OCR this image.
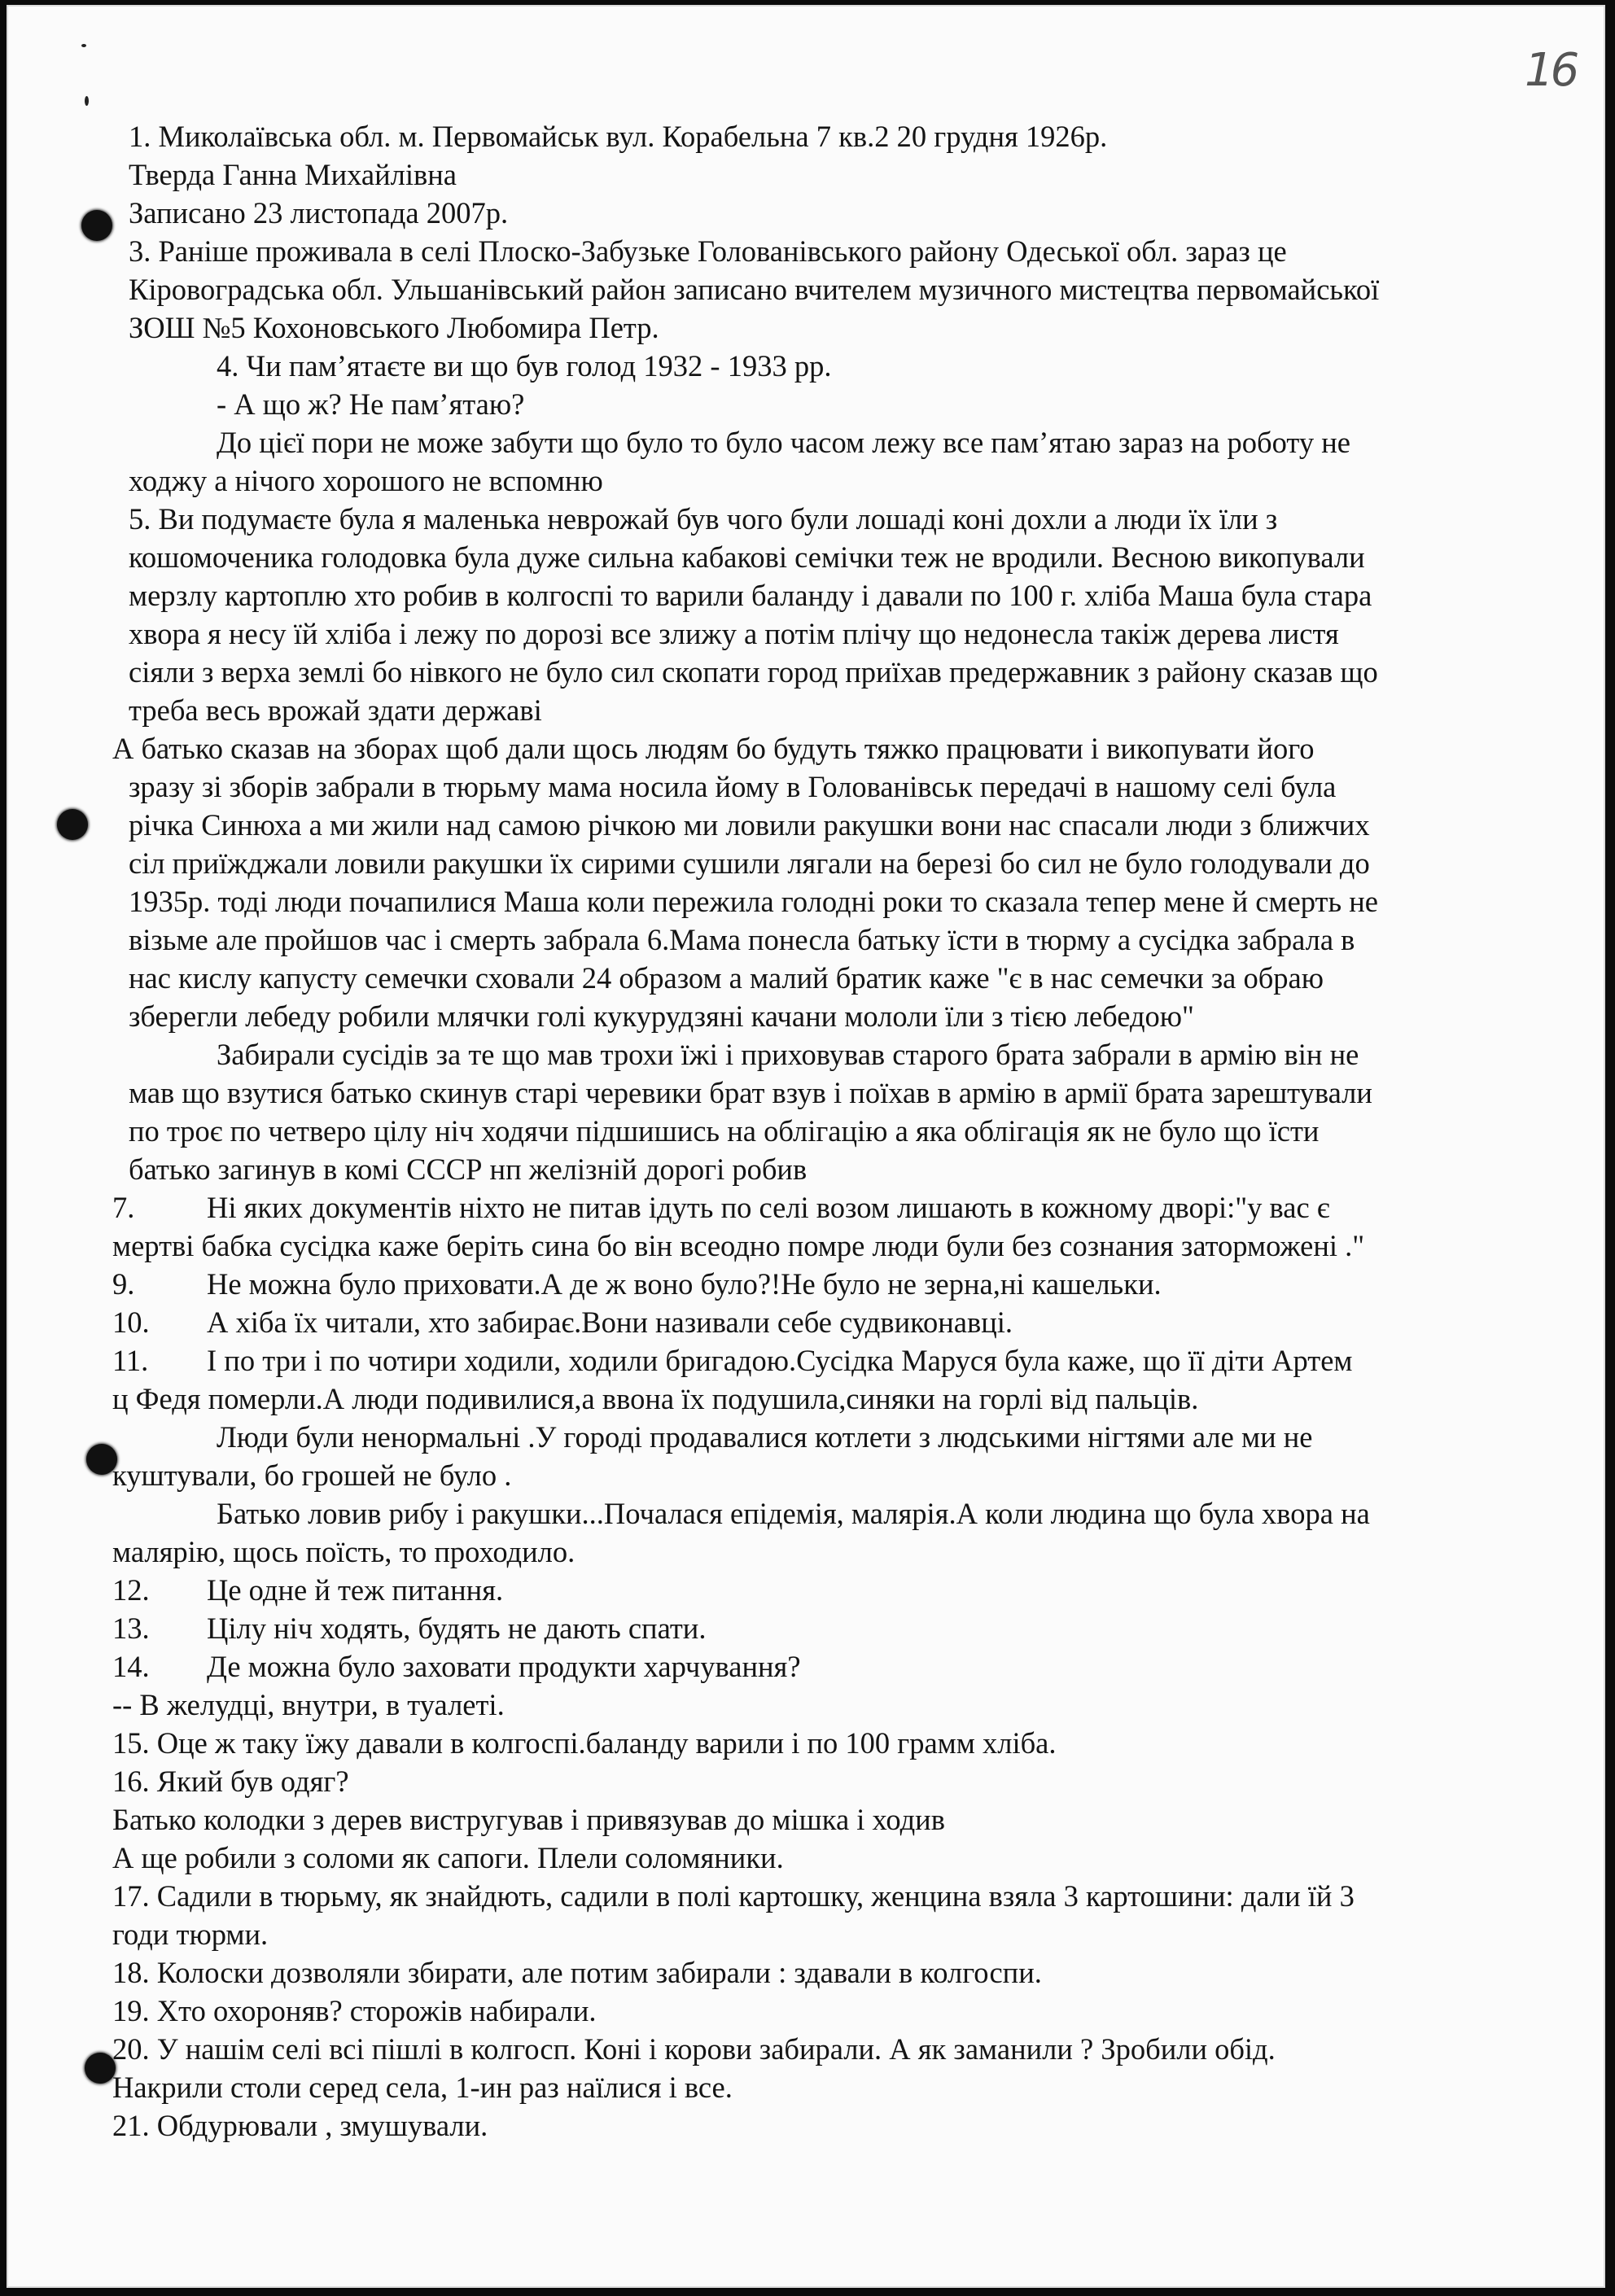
16

1. Миколаївська обл. м. Первомайськ вул. Корабельна 7 кв.2 20 грудня 1926р.

Тверда Ганна Михайлівна

Записано 23 листопада 2007р.

3. Раніше проживала в селі Плоско-Забузьке Голованівського району Одеської обл. зараз це

Кіровоградська обл. Ульшанівський район записано вчителем музичного мистецтва первомайської

ЗОШ №5 Кохоновського Любомира Петр.

4. Чи пам’ятаєте ви що був голод 1932 - 1933 рр.

- А що ж? Не пам’ятаю?

До цієї пори не може забути що було то було часом лежу все пам’ятаю зараз на роботу не

ходжу а нічого хорошого не вспомню

5. Ви подумаєте була я маленька неврожай був чого були лошаді коні дохли а люди їх їли з

кошомоченика голодовка була дуже сильна кабакові семічки теж не вродили. Весною викопували

мерзлу картоплю хто робив в колгоспі то варили баланду і давали по 100 г. хліба Маша була стара

хвора я несу їй хліба і лежу по дорозі все злижу а потім плічу що недонесла такіж дерева листя

сіяли з верха землі бо нівкого не було сил скопати город приїхав предержавник з району сказав що

треба весь врожай здати державі

А батько сказав на зборах щоб дали щось людям бо будуть тяжко працювати і викопувати його

зразу зі зборів забрали в тюрьму мама носила йому в Голованівськ передачі в нашому селі була

річка Синюха а ми жили над самою річкою ми ловили ракушки вони нас спасали люди з ближчих

сіл приїжджали ловили ракушки їх сирими сушили лягали на березі бо сил не було голодували до

1935р. тоді люди почапилися Маша коли пережила голодні роки то сказала тепер мене й смерть не

візьме але пройшов час і смерть забрала 6.Мама понесла батьку їсти в тюрму а сусідка забрала в

нас кислу капусту семечки сховали 24 образом а малий братик каже "є в нас семечки за обраю

зберегли лебеду робили млячки голі кукурудзяні качани мололи їли з тією лебедою"

Забирали сусідів за те що мав трохи їжі і приховував старого брата забрали в армію він не

мав що взутися батько скинув старі черевики брат взув і поїхав в армію в армії брата зарештували

по троє по четверо цілу ніч ходячи підшишись на облігацію а яка облігація як не було що їсти

батько загинув в комі СССР нп желізній дорогі робив

7. Ні яких документів ніхто не питав ідуть по селі возом лишають в кожному дворі:"у вас є

мертві бабка сусідка каже беріть сина бо він всеодно помре люди були без сознания заторможені ."

9. Не можна було приховати.А де ж воно було?!Не було не зерна,ні кашельки.

10. А хіба їх читали, хто забирає.Вони називали себе судвиконавці.

11. І по три і по чотири ходили, ходили бригадою.Сусідка Маруся була каже, що її діти Артем

ц Федя померли.А люди подивилися,а ввона їх подушила,синяки на горлі від пальців.

Люди були ненормальні .У городі продавалися котлети з людськими нігтями але ми не

куштували, бо грошей не було .

Батько ловив рибу і ракушки...Почалася епідемія, малярія.А коли людина що була хвора на

малярію, щось поїсть, то проходило.

12. Це одне й теж питання.

13. Цілу ніч ходять, будять не дають спати.

14. Де можна було заховати продукти харчування?

-- В желудці, внутри, в туалеті.

15. Оце ж таку їжу давали в колгоспі.баланду варили і по 100 грамм хліба.

16. Який був одяг?

Батько колодки з дерев вистругував і привязував до мішка і ходив

А ще робили з соломи як сапоги. Плели соломяники.

17. Садили в тюрьму, як знайдють, садили в полі картошку, женцина взяла 3 картошини: дали їй 3

годи тюрми.

18. Колоски дозволяли збирати, але потим забирали : здавали в колгоспи.

19. Хто охороняв? сторожів набирали.

20. У нашім селі всі пішлі в колгосп. Коні і корови забирали. А як заманили ? Зробили обід.

Накрили столи серед села, 1-ин раз наїлися і все.

21. Обдурювали , змушували.
